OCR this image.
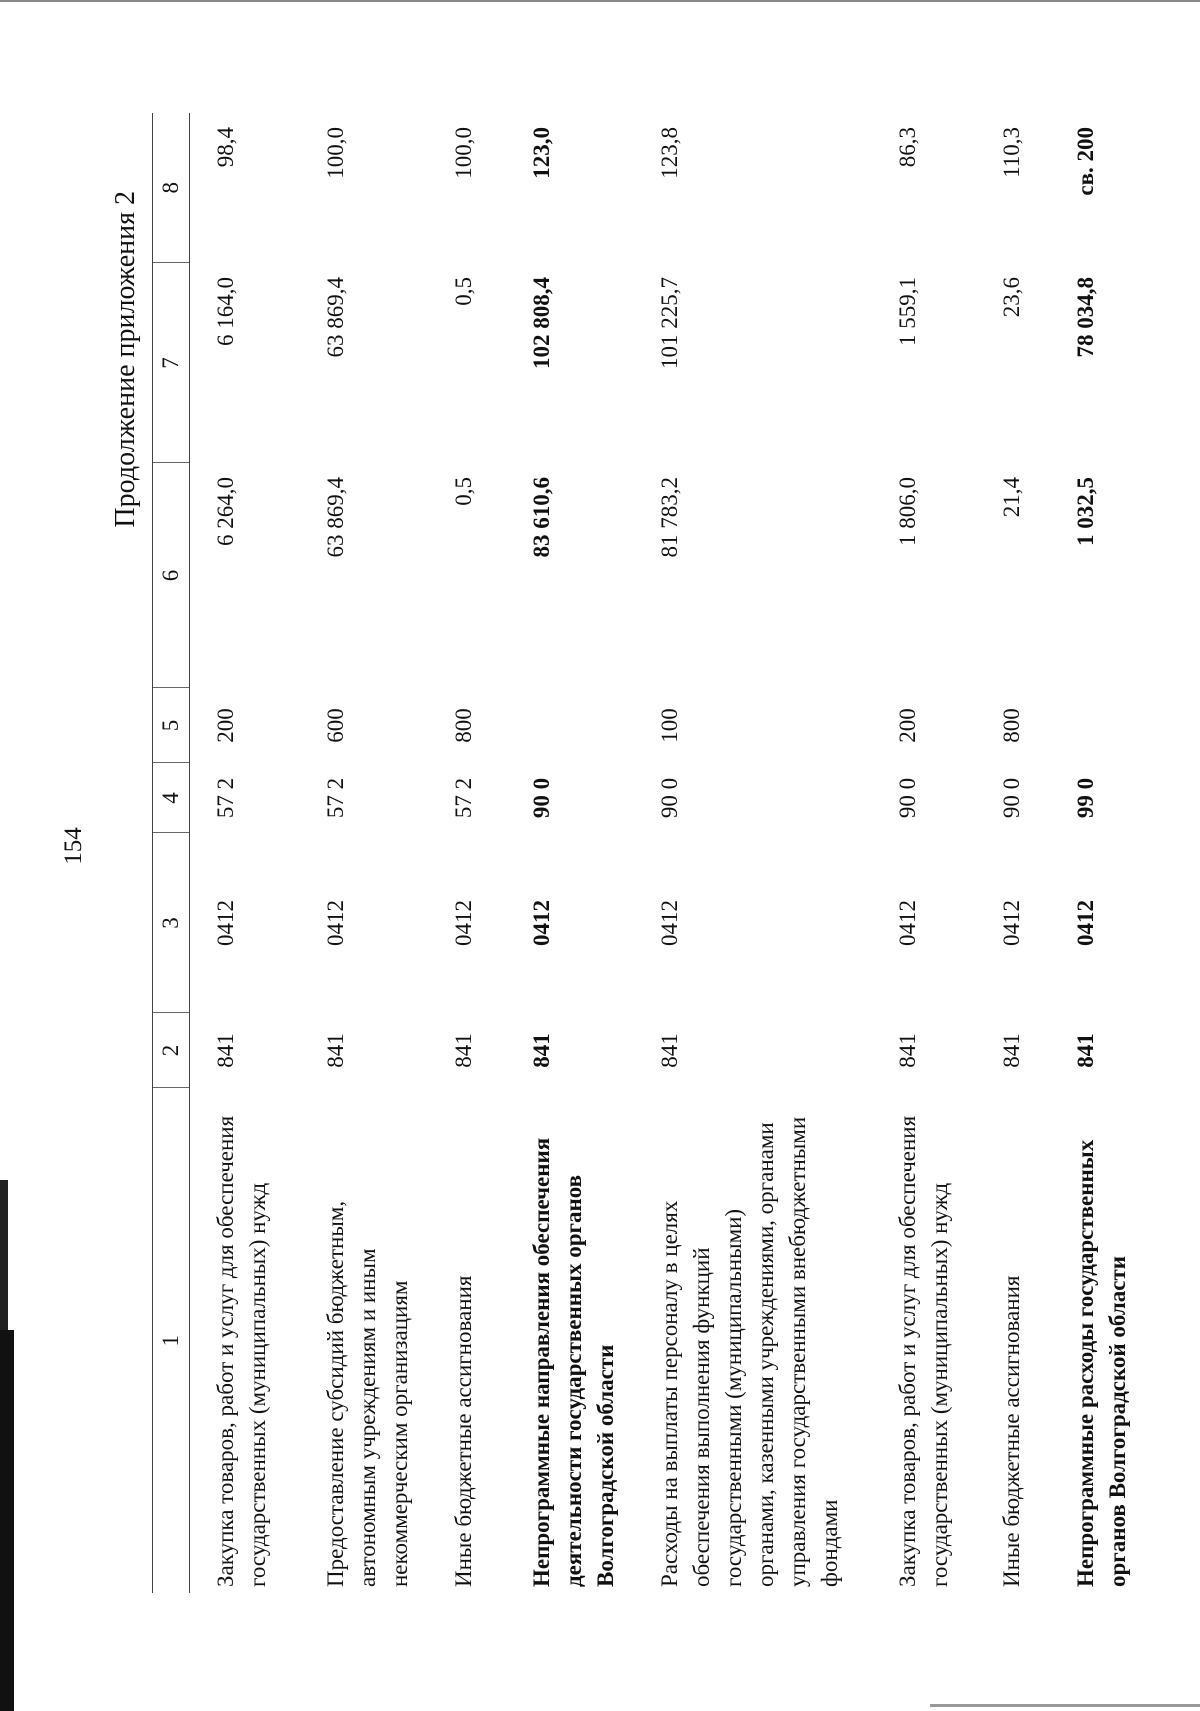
154
Продолжение приложения 2
1	2	3	4	5	6	7	8
Закупка товаров, работ и услуг для обеспечения государственных (муниципальных) нужд	841	0412	57 2	200	6 264,0	6 164,0	98,4

Предоставление субсидий бюджетным, автономным учреждениям и иным некоммерческим организациям	841	0412	57 2	600	63 869,4	63 869,4	100,0

Иные бюджетные ассигнования	841	0412	57 2	800	0,5	0,5	100,0

Непрограммные направления обеспечения деятельности государственных органов Волгоградской области	841	0412	90 0		83 610,6	102 808,4	123,0

Расходы на выплаты персоналу в целях обеспечения выполнения функций государственными (муниципальными) органами, казенными учреждениями, органами управления государственными внебюджетными фондами	841	0412	90 0	100	81 783,2	101 225,7	123,8

Закупка товаров, работ и услуг для обеспечения государственных (муниципальных) нужд	841	0412	90 0	200	1 806,0	1 559,1	86,3

Иные бюджетные ассигнования	841	0412	90 0	800	21,4	23,6	110,3

Непрограммные расходы государственных органов Волгоградской области	841	0412	99 0		1 032,5	78 034,8	св. 200
